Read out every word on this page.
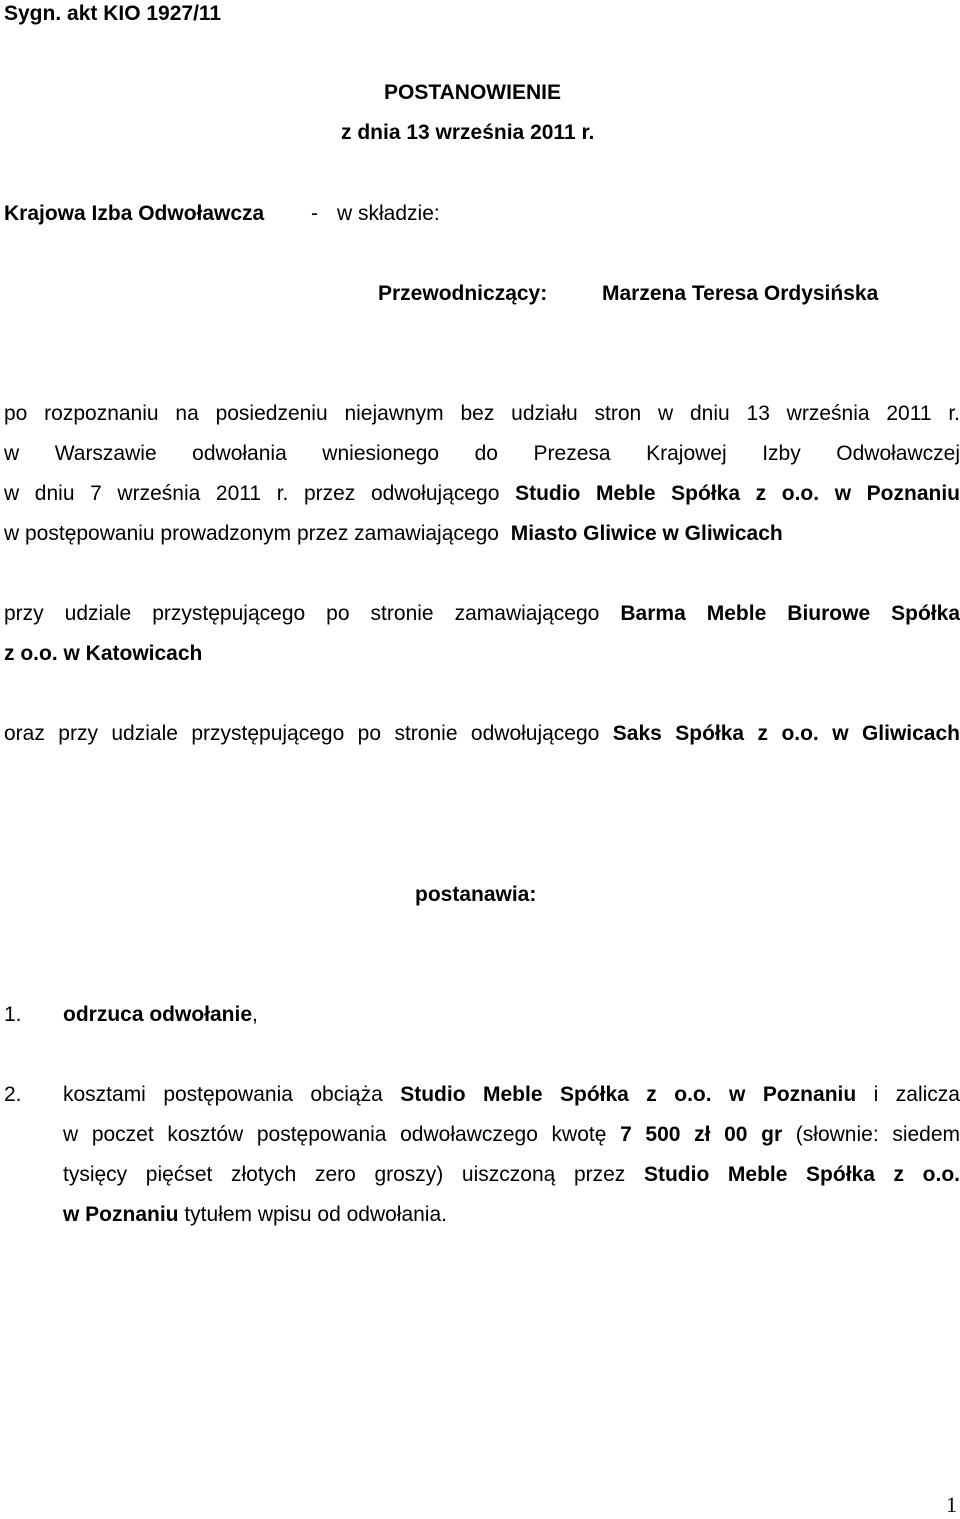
Sygn. akt KIO 1927/11
POSTANOWIENIE
z dnia 13 września 2011 r.
Krajowa Izba Odwoławcza - w składzie:
Przewodniczący:	Marzena Teresa Ordysińska
po rozpoznaniu na posiedzeniu niejawnym bez udziału stron w dniu 13 września 2011 r.
w Warszawie odwołania wniesionego do Prezesa Krajowej Izby Odwoławczej
w dniu 7 września 2011 r. przez odwołującego Studio Meble Spółka z o.o. w Poznaniu
w postępowaniu prowadzonym przez zamawiającego Miasto Gliwice w Gliwicach
przy udziale przystępującego po stronie zamawiającego Barma Meble Biurowe Spółka
z o.o. w Katowicach
oraz przy udziale przystępującego po stronie odwołującego Saks Spółka z o.o. w Gliwicach
postanawia:
1. odrzuca odwołanie,
2. kosztami postępowania obciąża Studio Meble Spółka z o.o. w Poznaniu i zalicza
w poczet kosztów postępowania odwoławczego kwotę 7 500 zł 00 gr (słownie: siedem
tysięcy pięćset złotych zero groszy) uiszczoną przez Studio Meble Spółka z o.o.
w Poznaniu tytułem wpisu od odwołania.
1
